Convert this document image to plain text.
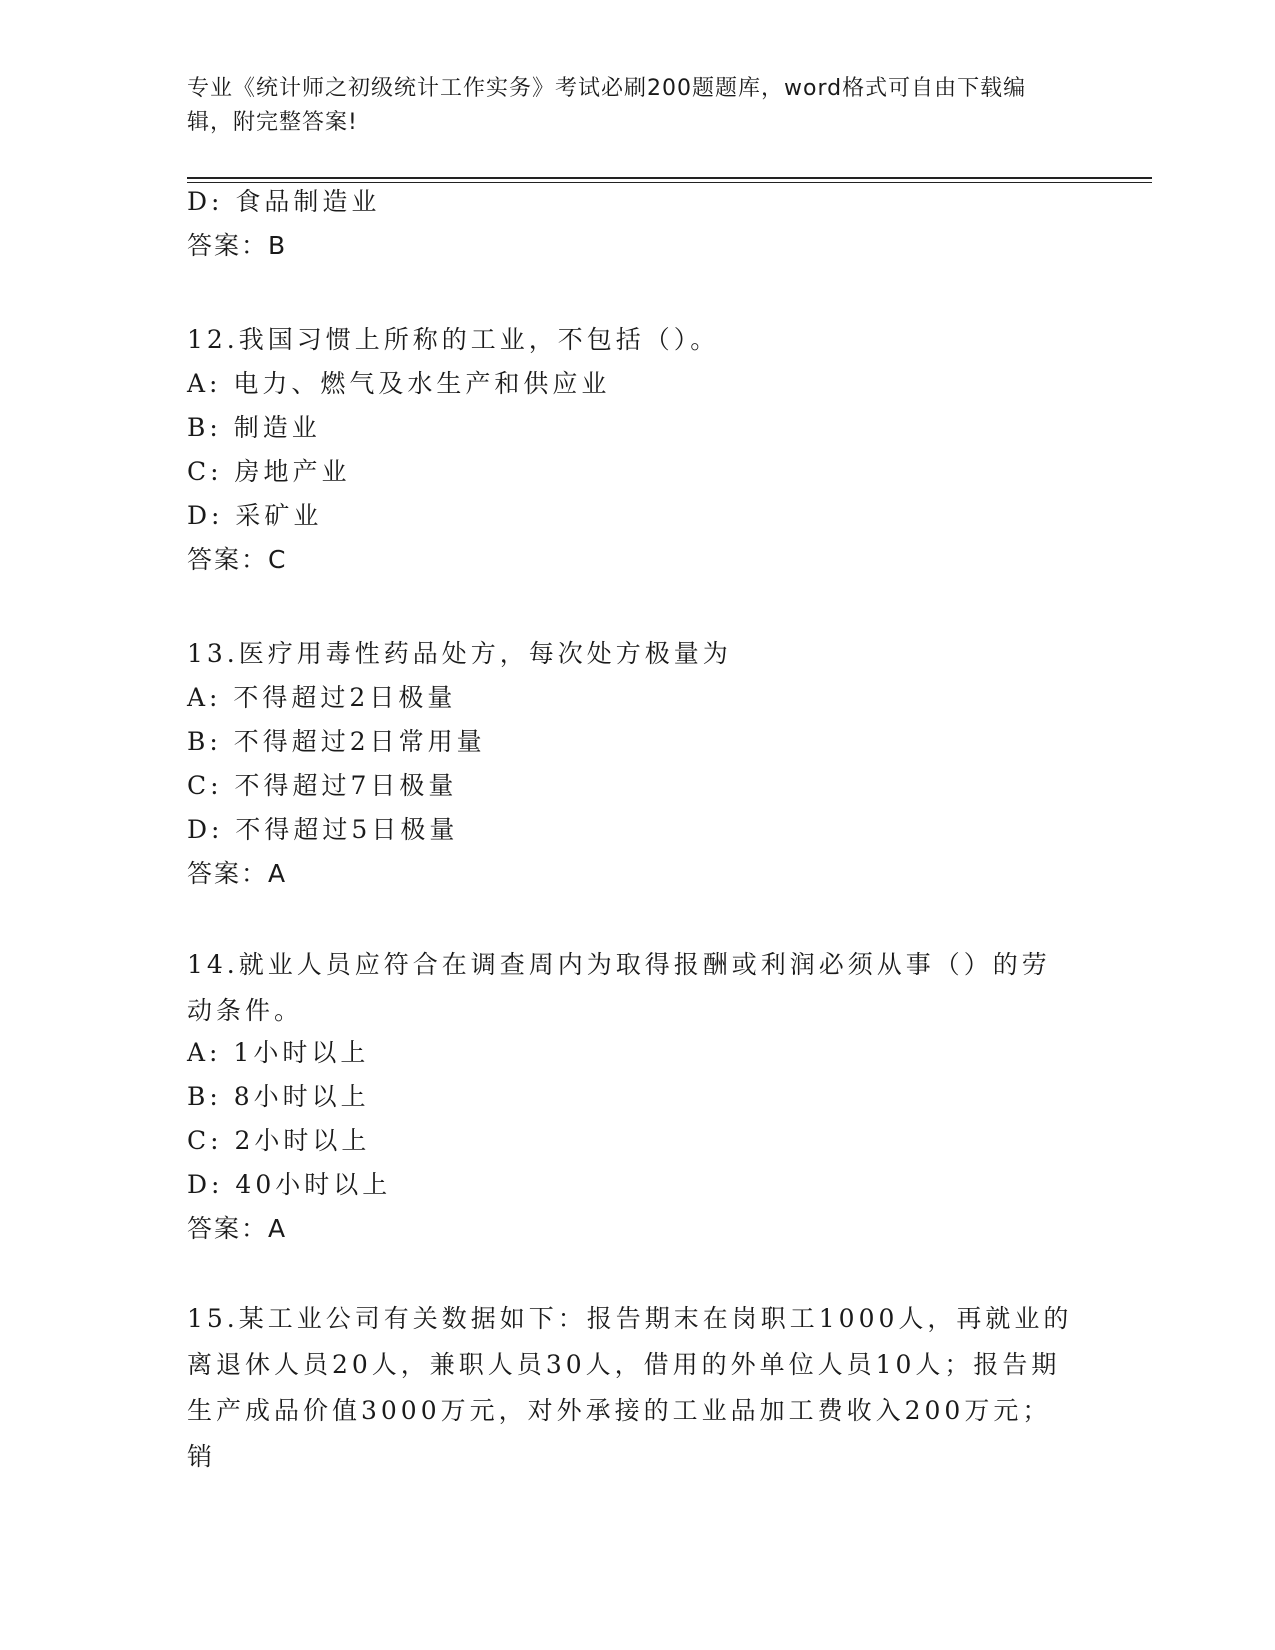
专业《统计师之初级统计工作实务》考试必刷200题题库，word格式可自由下载编辑，附完整答案!
D: 食品制造业
答案：B
12.我国习惯上所称的工业，不包括（）。
A: 电力、燃气及水生产和供应业
B: 制造业
C: 房地产业
D: 采矿业
答案：C
13.医疗用毒性药品处方，每次处方极量为
A: 不得超过2日极量
B: 不得超过2日常用量
C: 不得超过7日极量
D: 不得超过5日极量
答案：A
14.就业人员应符合在调查周内为取得报酬或利润必须从事（）的劳动条件。
A: 1小时以上
B: 8小时以上
C: 2小时以上
D: 40小时以上
答案：A
15.某工业公司有关数据如下：报告期末在岗职工1000人，再就业的离退休人员20人，兼职人员30人，借用的外单位人员10人；报告期生产成品价值3000万元，对外承接的工业品加工费收入200万元；销
